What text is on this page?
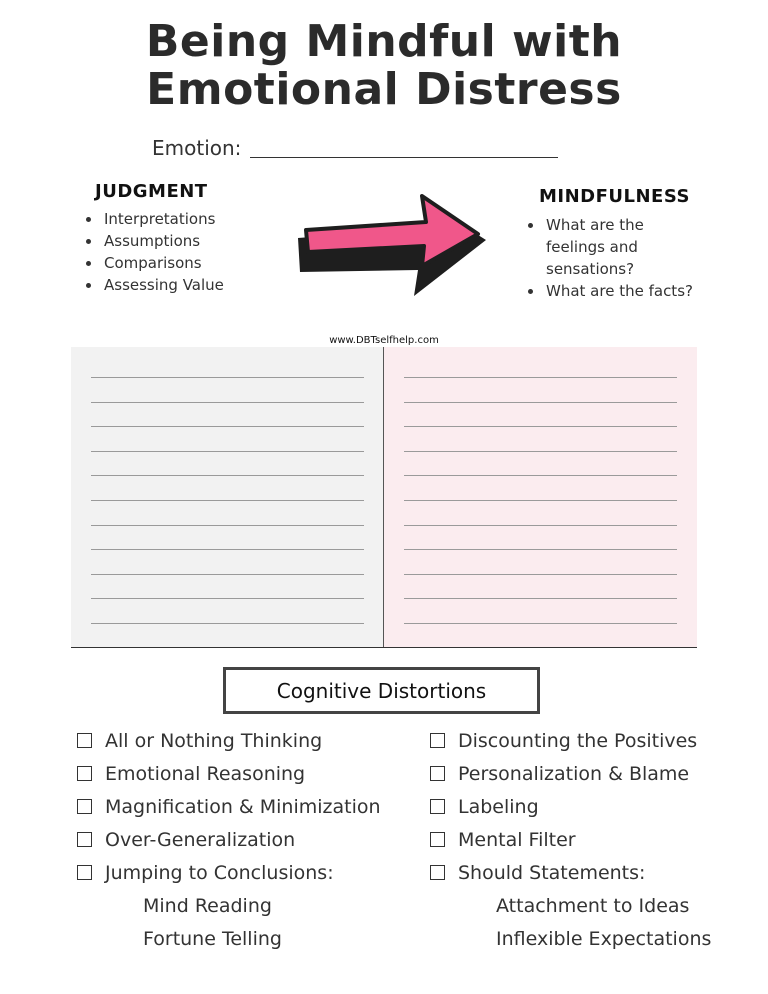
Being Mindful with
Emotional Distress
Emotion:
JUDGMENT
Interpretations
Assumptions
Comparisons
Assessing Value
MINDFULNESS
What are the feelings and sensations?
What are the facts?
www.DBTselfhelp.com
Cognitive Distortions
All or Nothing Thinking
Emotional Reasoning
Magnification & Minimization
Over-Generalization
Jumping to Conclusions:
Mind Reading
Fortune Telling
Discounting the Positives
Personalization & Blame
Labeling
Mental Filter
Should Statements:
Attachment to Ideas
Inflexible Expectations
